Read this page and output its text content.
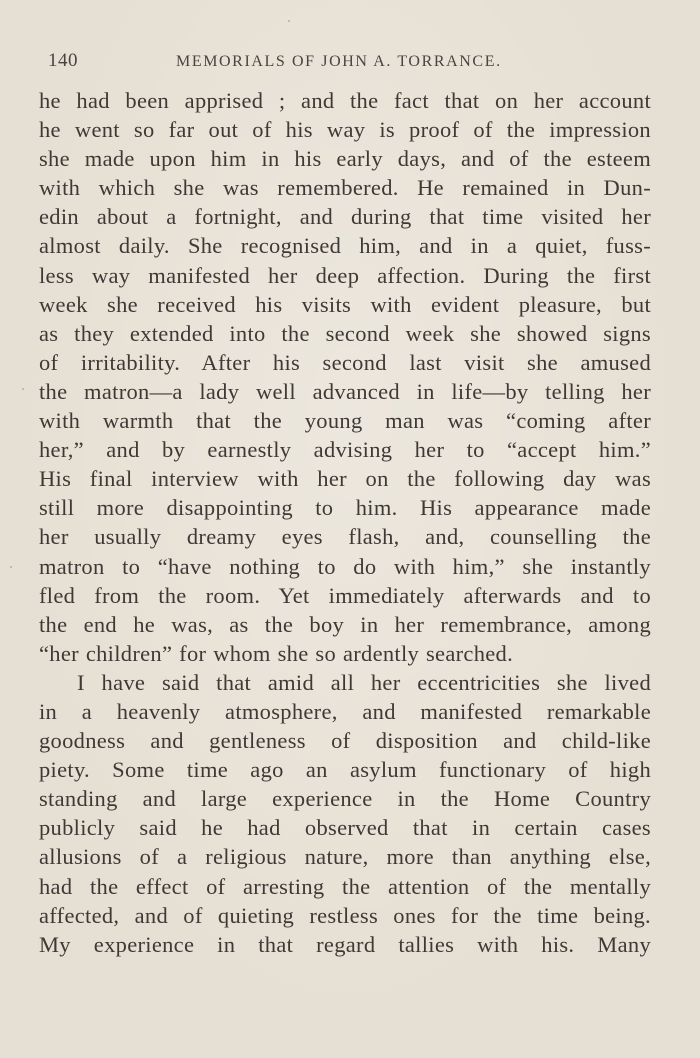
140	MEMORIALS OF JOHN A. TORRANCE.
he had been apprised ; and the fact that on her account
he went so far out of his way is proof of the impression
she made upon him in his early days, and of the esteem
with which she was remembered. He remained in Dun-
edin about a fortnight, and during that time visited her
almost daily. She recognised him, and in a quiet, fuss-
less way manifested her deep affection. During the first
week she received his visits with evident pleasure, but
as they extended into the second week she showed signs
of irritability. After his second last visit she amused
the matron—a lady well advanced in life—by telling her
with warmth that the young man was “coming after
her,” and by earnestly advising her to “accept him.”
His final interview with her on the following day was
still more disappointing to him. His appearance made
her usually dreamy eyes flash, and, counselling the
matron to “have nothing to do with him,” she instantly
fled from the room. Yet immediately afterwards and to
the end he was, as the boy in her remembrance, among
“her children” for whom she so ardently searched.
I have said that amid all her eccentricities she lived
in a heavenly atmosphere, and manifested remarkable
goodness and gentleness of disposition and child-like
piety. Some time ago an asylum functionary of high
standing and large experience in the Home Country
publicly said he had observed that in certain cases
allusions of a religious nature, more than anything else,
had the effect of arresting the attention of the mentally
affected, and of quieting restless ones for the time being.
My experience in that regard tallies with his. Many
